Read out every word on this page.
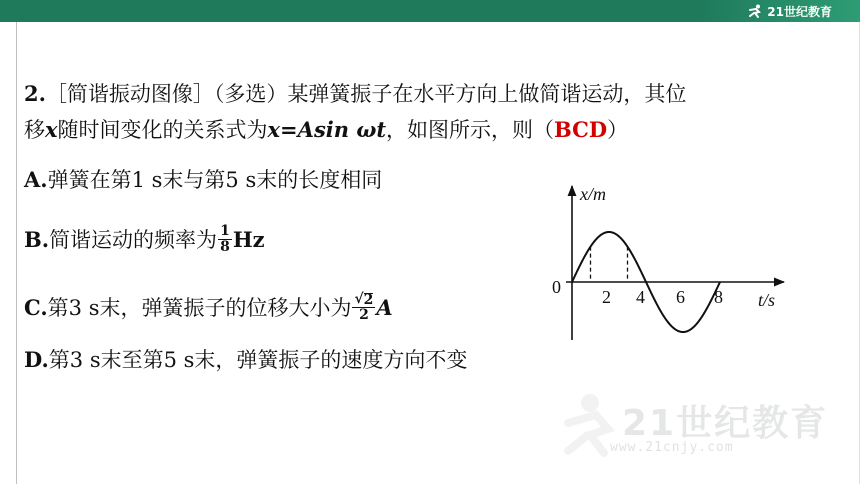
21世纪教育
2.［简谐振动图像］（多选）某弹簧振子在水平方向上做简谐运动，其位
移x随时间变化的关系式为x=Asin ωt，如图所示，则（BCD）
A. 弹簧在第1 s末与第5 s末的长度相同
B. 简谐运动的频率为 $\frac{1}{8}$ Hz
C. 第3 s末，弹簧振子的位移大小为 $\frac{√ 2}{2}$ A
D. 第3 s末至第5 s末，弹簧振子的速度方向不变
x/m
t/s
0 2 4 6 8
21世纪教育
www.21cnjy.com
